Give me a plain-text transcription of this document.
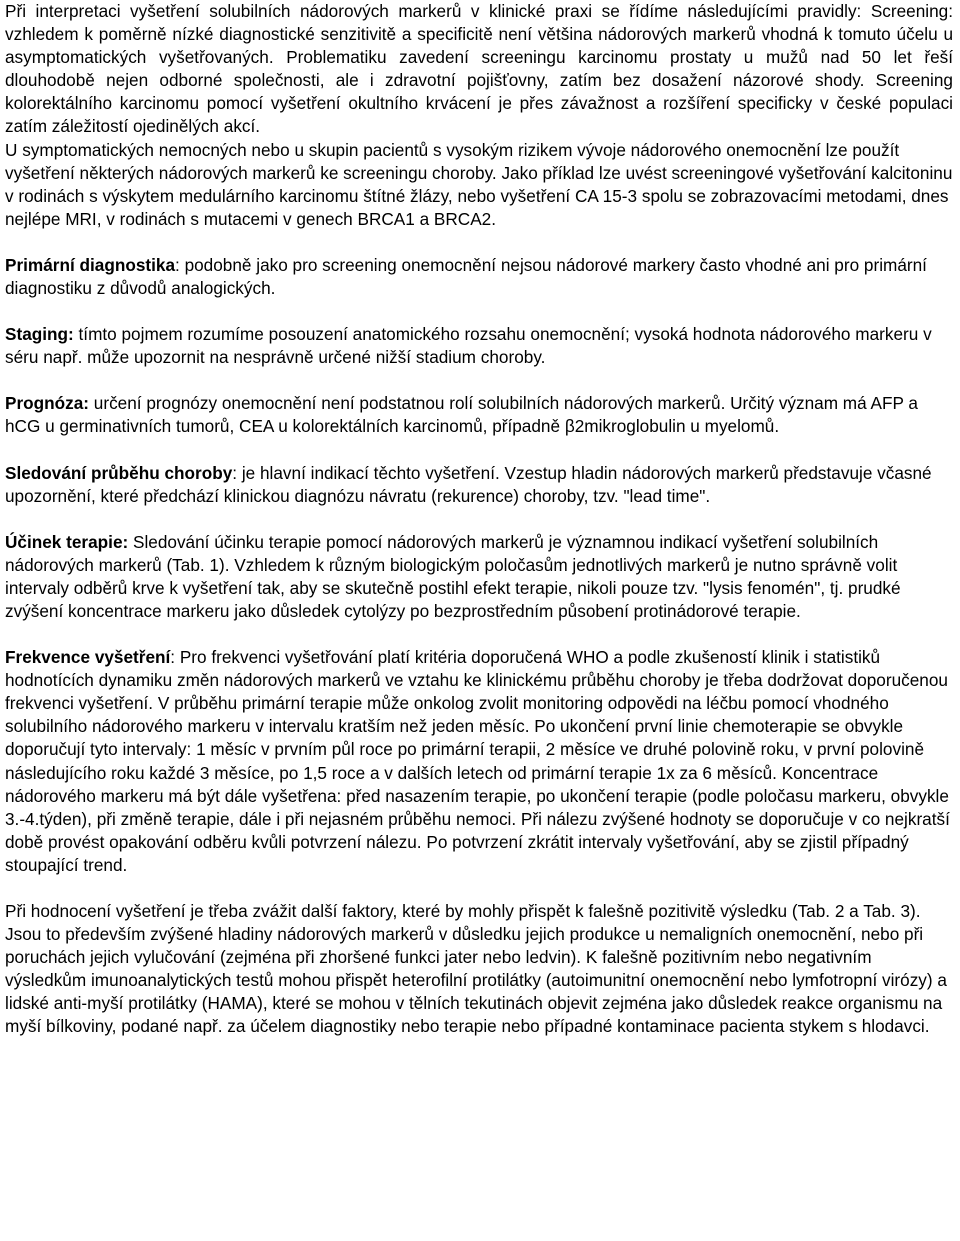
Při interpretaci vyšetření solubilních nádorových markerů v klinické praxi se řídíme následujícími pravidly: Screening: vzhledem k poměrně nízké diagnostické senzitivitě a specificitě není většina nádorových markerů vhodná k tomuto účelu u asymptomatických vyšetřovaných. Problematiku zavedení screeningu karcinomu prostaty u mužů nad 50 let řeší dlouhodobě nejen odborné společnosti, ale i zdravotní pojišťovny, zatím bez dosažení názorové shody. Screening kolorektálního karcinomu pomocí vyšetření okultního krvácení je přes závažnost a rozšíření specificky v české populaci zatím záležitostí ojedinělých akcí.

U symptomatických nemocných nebo u skupin pacientů s vysokým rizikem vývoje nádorového onemocnění lze použít vyšetření některých nádorových markerů ke screeningu choroby. Jako příklad lze uvést screeningové vyšetřování kalcitoninu v rodinách s výskytem medulárního karcinomu štítné žlázy, nebo vyšetření CA 15-3 spolu se zobrazovacími metodami, dnes nejlépe MRI, v rodinách s mutacemi v genech BRCA1 a BRCA2.

Primární diagnostika: podobně jako pro screening onemocnění nejsou nádorové markery často vhodné ani pro primární diagnostiku z důvodů analogických.

Staging: tímto pojmem rozumíme posouzení anatomického rozsahu onemocnění; vysoká hodnota nádorového markeru v séru např. může upozornit na nesprávně určené nižší stadium choroby.

Prognóza: určení prognózy onemocnění není podstatnou rolí solubilních nádorových markerů. Určitý význam má AFP a hCG u germinativních tumorů, CEA u kolorektálních karcinomů, případně β2mikroglobulin u myelomů.

Sledování průběhu choroby: je hlavní indikací těchto vyšetření. Vzestup hladin nádorových markerů představuje včasné upozornění, které předchází klinickou diagnózu návratu (rekurence) choroby, tzv. "lead time".

Účinek terapie: Sledování účinku terapie pomocí nádorových markerů je významnou indikací vyšetření solubilních nádorových markerů (Tab. 1). Vzhledem k různým biologickým poločasům jednotlivých markerů je nutno správně volit intervaly odběrů krve k vyšetření tak, aby se skutečně postihl efekt terapie, nikoli pouze tzv. "lysis fenomén", tj. prudké zvýšení koncentrace markeru jako důsledek cytolýzy po bezprostředním působení protinádorové terapie.

Frekvence vyšetření: Pro frekvenci vyšetřování platí kritéria doporučená WHO a podle zkušeností klinik i statistiků hodnotících dynamiku změn nádorových markerů ve vztahu ke klinickému průběhu choroby je třeba dodržovat doporučenou frekvenci vyšetření. V průběhu primární terapie může onkolog zvolit monitoring odpovědi na léčbu pomocí vhodného solubilního nádorového markeru v intervalu kratším než jeden měsíc. Po ukončení první linie chemoterapie se obvykle doporučují tyto intervaly: 1 měsíc v prvním půl roce po primární terapii, 2 měsíce ve druhé polovině roku, v první polovině následujícího roku každé 3 měsíce, po 1,5 roce a v dalších letech od primární terapie 1x za 6 měsíců. Koncentrace nádorového markeru má být dále vyšetřena: před nasazením terapie, po ukončení terapie (podle poločasu markeru, obvykle 3.-4.týden), při změně terapie, dále i při nejasném průběhu nemoci. Při nálezu zvýšené hodnoty se doporučuje v co nejkratší době provést opakování odběru kvůli potvrzení nálezu. Po potvrzení zkrátit intervaly vyšetřování, aby se zjistil případný stoupající trend.

Při hodnocení vyšetření je třeba zvážit další faktory, které by mohly přispět k falešně pozitivitě výsledku (Tab. 2 a Tab. 3). Jsou to především zvýšené hladiny nádorových markerů v důsledku jejich produkce u nemaligních onemocnění, nebo při poruchách jejich vylučování (zejména při zhoršené funkci jater nebo ledvin). K falešně pozitivním nebo negativním výsledkům imunoanalytických testů mohou přispět heterofilní protilátky (autoimunitní onemocnění nebo lymfotropní virózy) a lidské anti-myší protilátky (HAMA), které se mohou v tělních tekutinách objevit zejména jako důsledek reakce organismu na myší bílkoviny, podané např. za účelem diagnostiky nebo terapie nebo případné kontaminace pacienta stykem s hlodavci.
